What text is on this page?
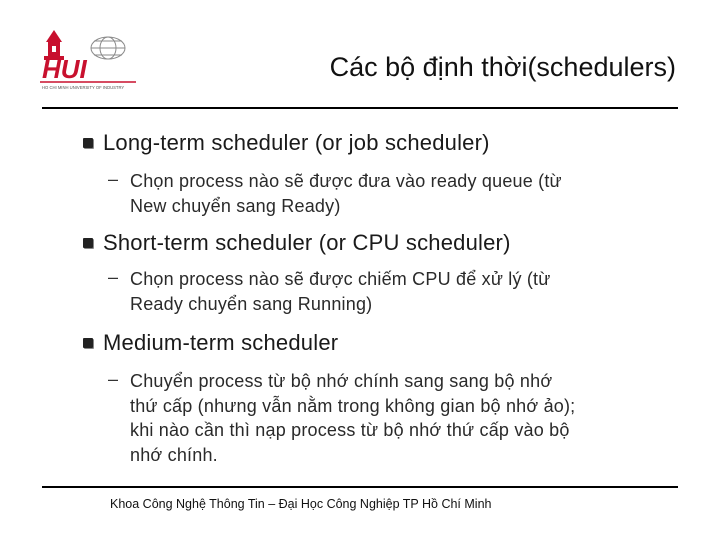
HUI
HO CHI MINH UNIVERSITY OF INDUSTRY
Các bộ định thời(schedulers)
Long-term scheduler (or job scheduler)
– Chọn process nào sẽ được đưa vào ready queue (từ
New chuyển sang Ready)
Short-term scheduler (or CPU scheduler)
– Chọn process nào sẽ được chiếm CPU để xử lý (từ
Ready chuyển sang Running)
Medium-term scheduler
– Chuyển process từ bộ nhớ chính sang sang bộ nhớ
thứ cấp (nhưng vẫn nằm trong không gian bộ nhớ ảo);
khi nào cần thì nạp process từ bộ nhớ thứ cấp vào bộ
nhớ chính.
Khoa Công Nghệ Thông Tin – Đại Học Công Nghiệp TP Hồ Chí Minh
